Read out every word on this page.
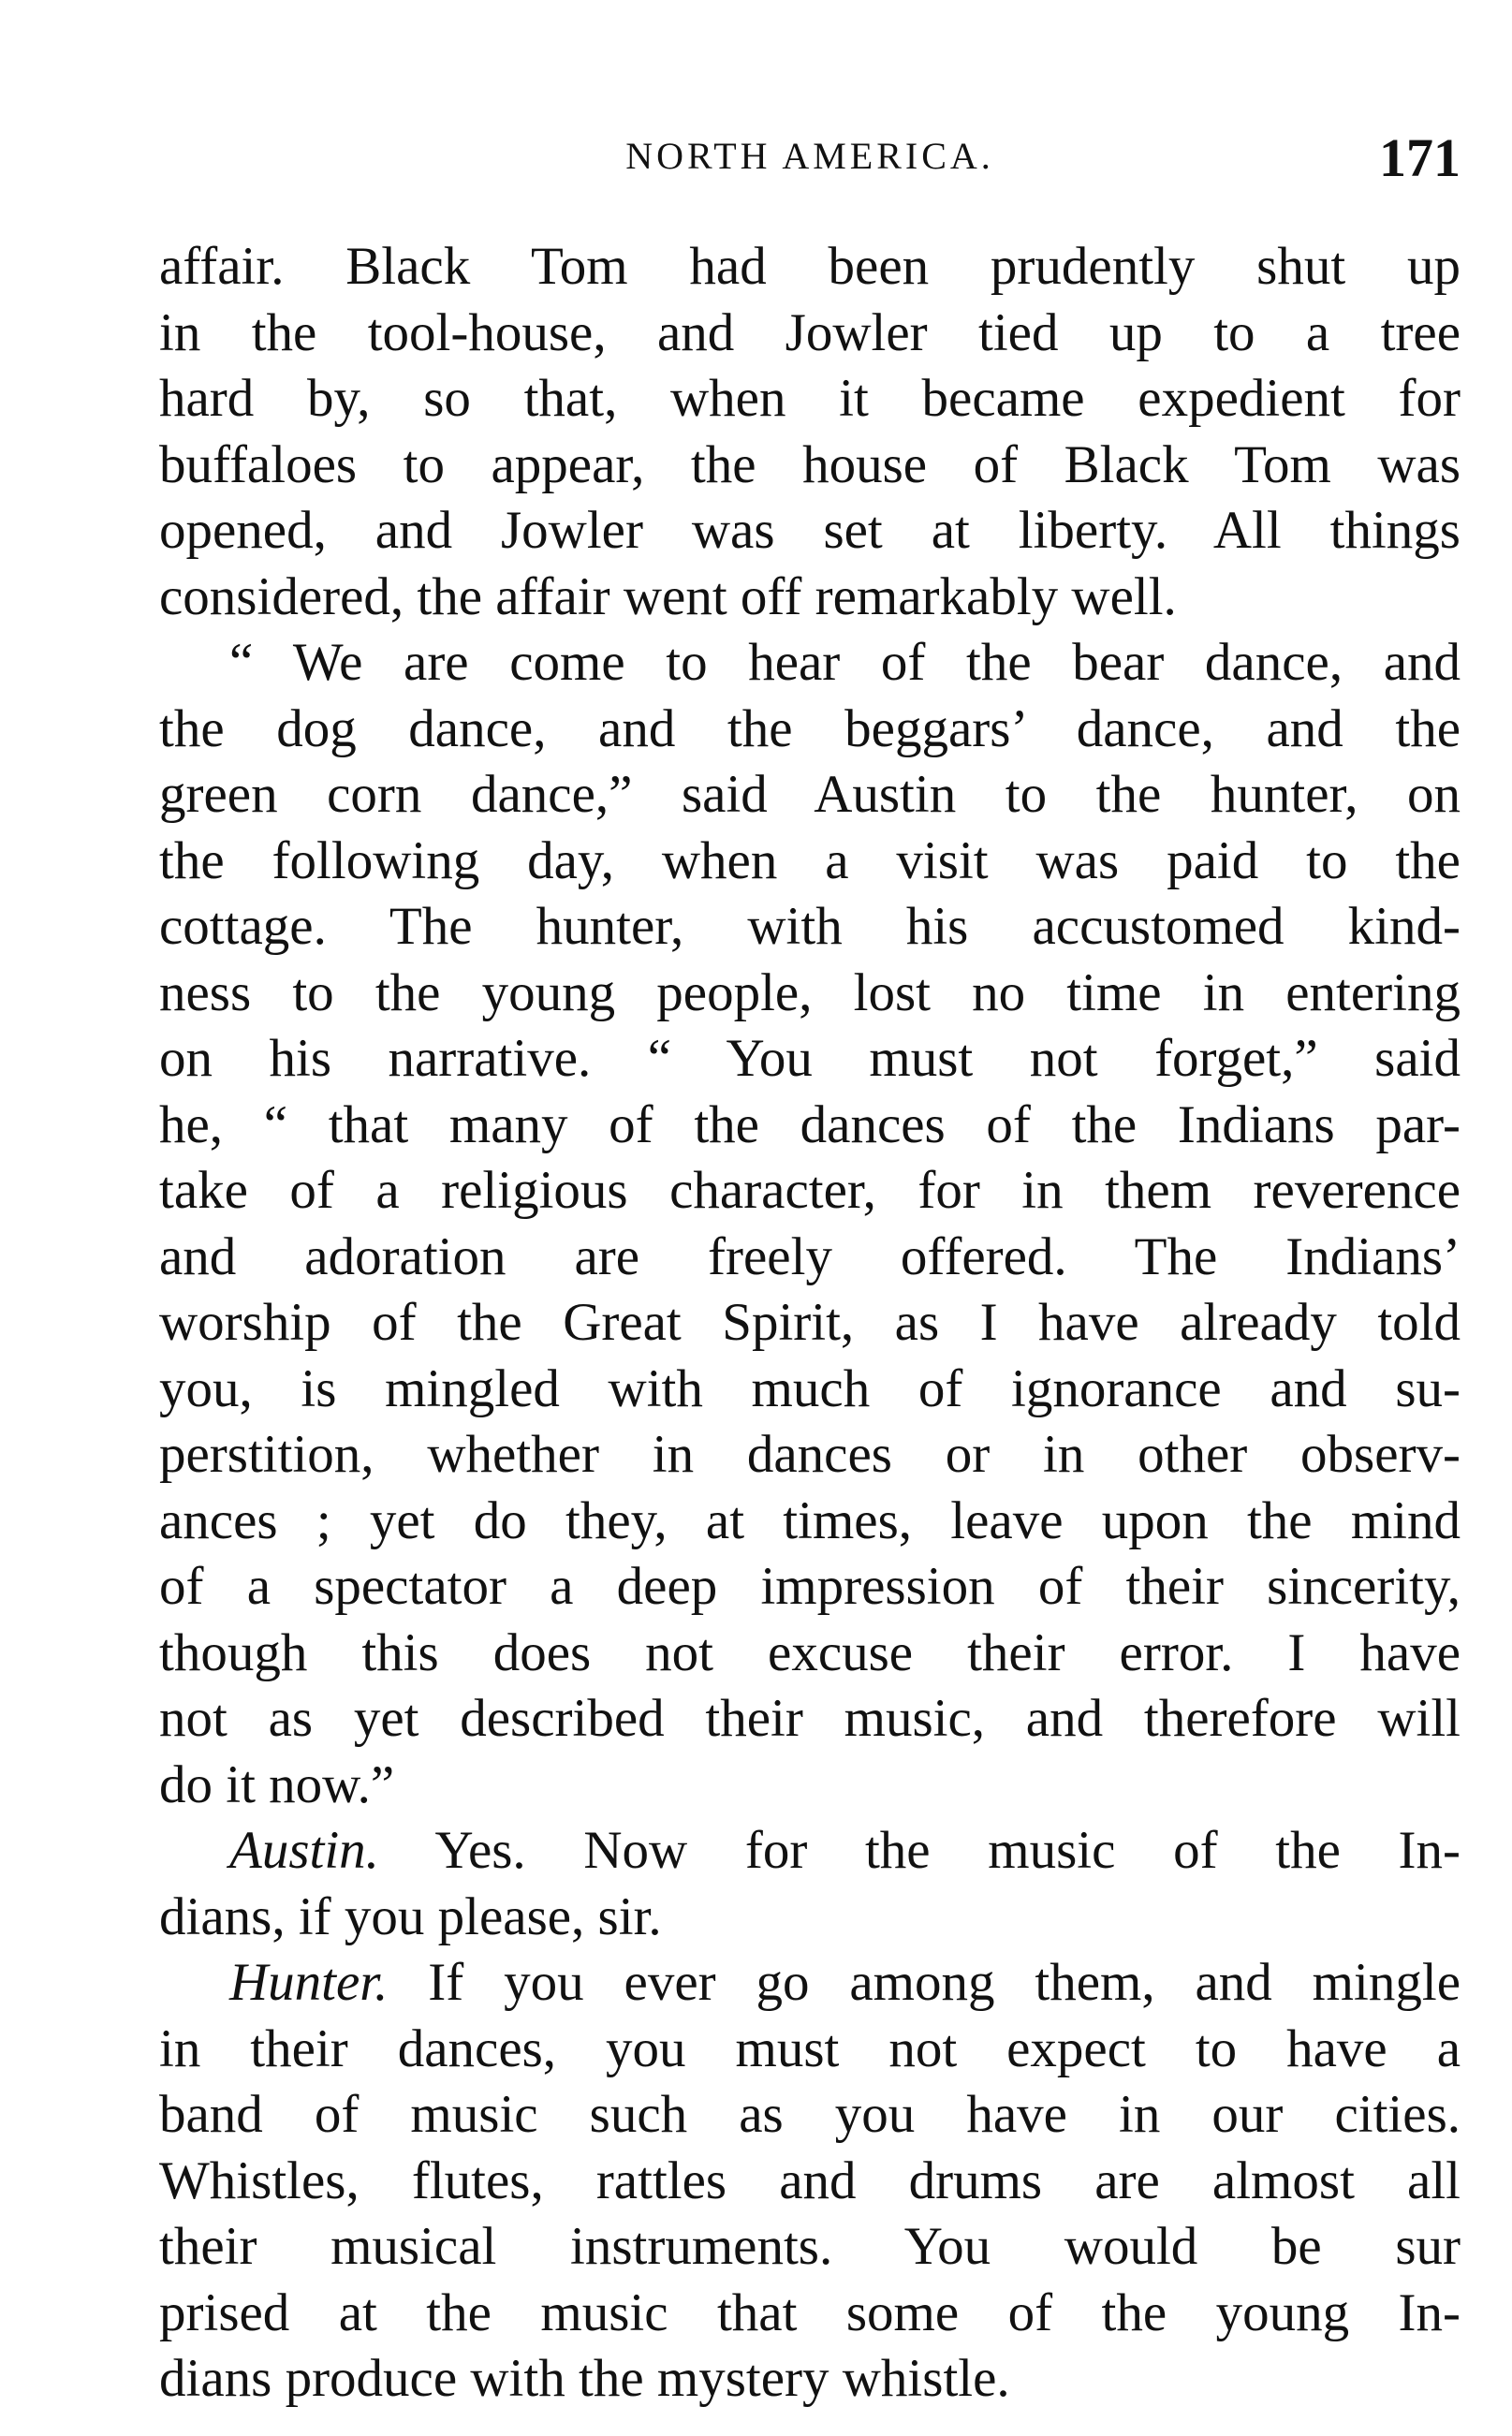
NORTH AMERICA.	171
affair. Black Tom had been prudently shut up
in the tool-house, and Jowler tied up to a tree
hard by, so that, when it became expedient for
buffaloes to appear, the house of Black Tom was
opened, and Jowler was set at liberty. All things
considered, the affair went off remarkably well.
“ We are come to hear of the bear dance, and
the dog dance, and the beggars’ dance, and the
green corn dance,” said Austin to the hunter, on
the following day, when a visit was paid to the
cottage. The hunter, with his accustomed kind-
ness to the young people, lost no time in entering
on his narrative. “ You must not forget,” said
he, “ that many of the dances of the Indians par-
take of a religious character, for in them reverence
and adoration are freely offered. The Indians’
worship of the Great Spirit, as I have already told
you, is mingled with much of ignorance and su-
perstition, whether in dances or in other observ-
ances ; yet do they, at times, leave upon the mind
of a spectator a deep impression of their sincerity,
though this does not excuse their error. I have
not as yet described their music, and therefore will
do it now.”
Austin. Yes. Now for the music of the In-
dians, if you please, sir.
Hunter. If you ever go among them, and mingle
in their dances, you must not expect to have a
band of music such as you have in our cities.
Whistles, flutes, rattles and drums are almost all
their musical instruments. You would be sur
prised at the music that some of the young In-
dians produce with the mystery whistle.
